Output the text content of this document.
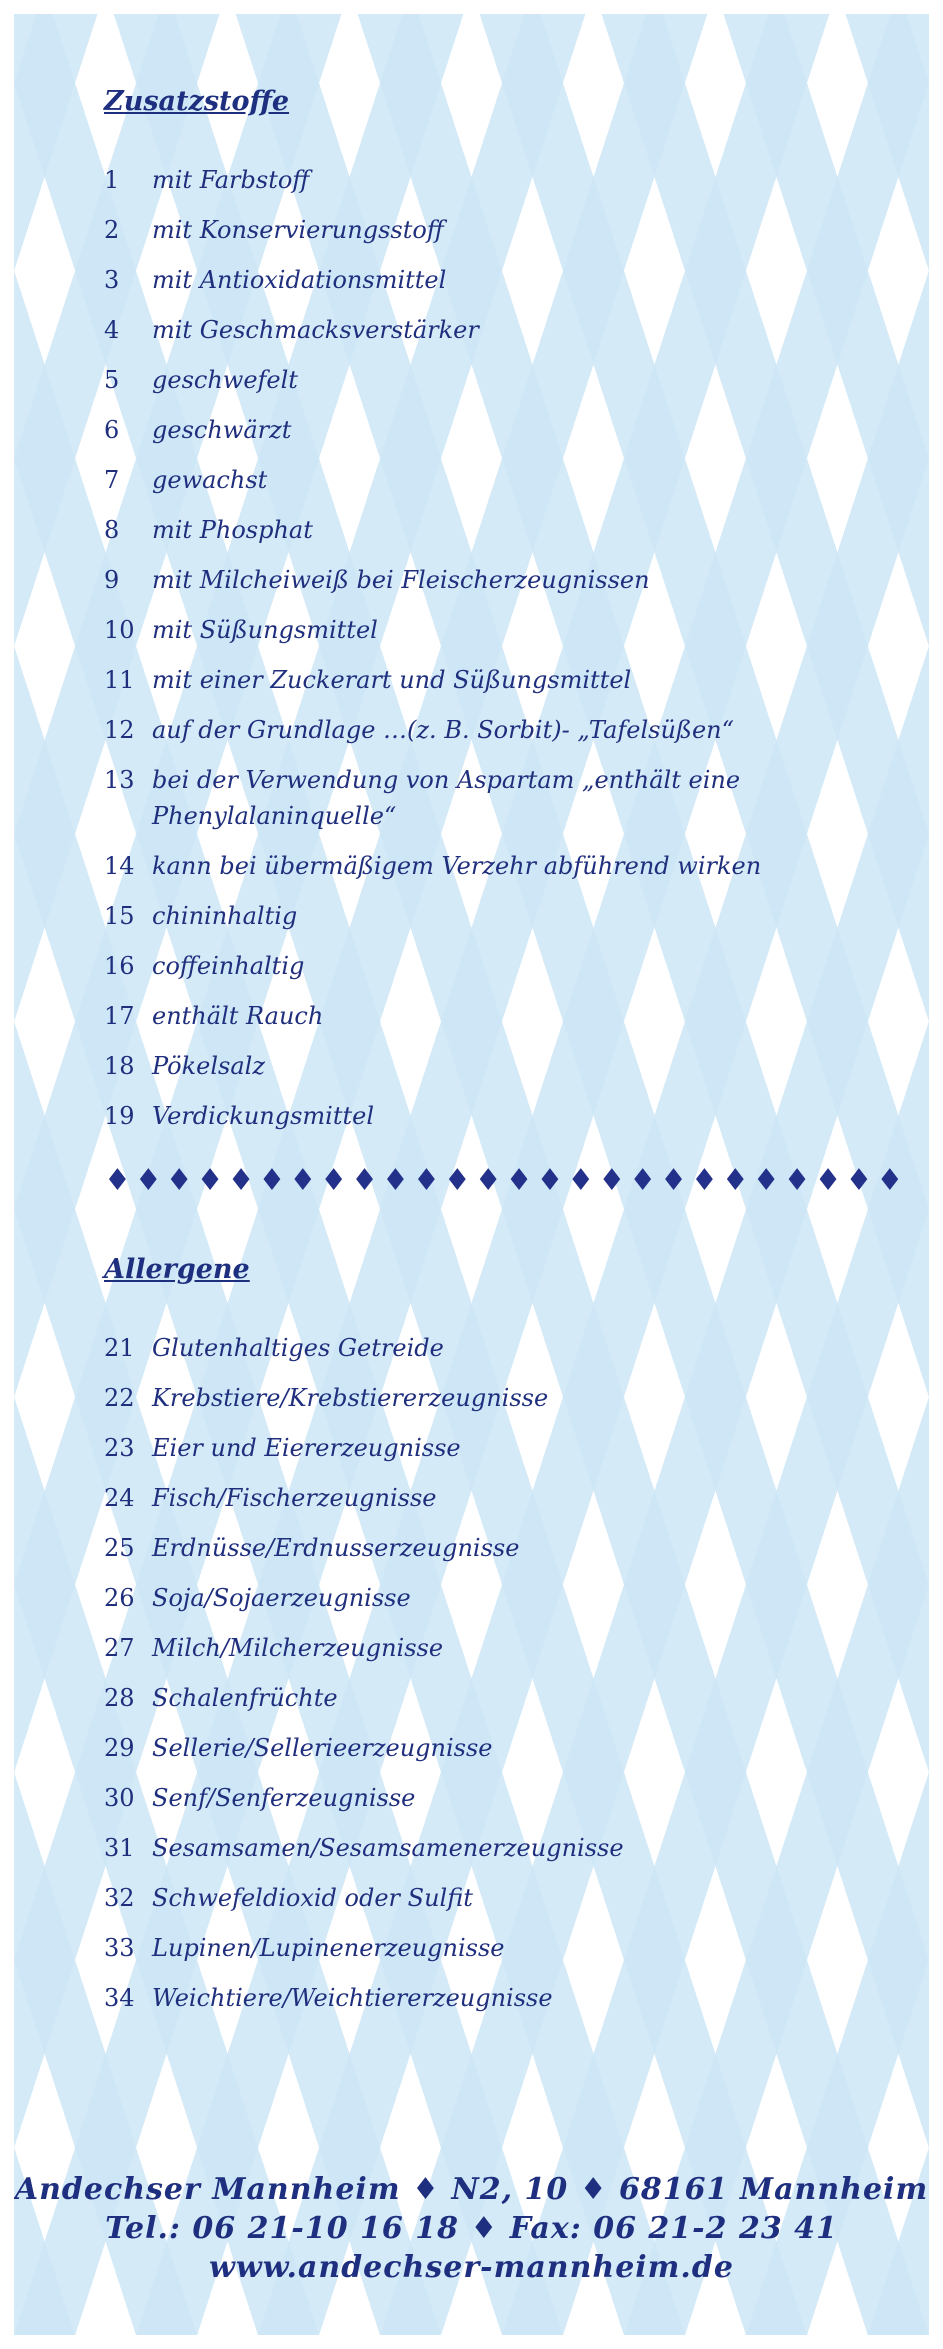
Zusatzstoffe
1	mit Farbstoff
2	mit Konservierungsstoff
3	mit Antioxidationsmittel
4	mit Geschmacksverstärker
5	geschwefelt
6	geschwärzt
7	gewachst
8	mit Phosphat
9	mit Milcheiweiß bei Fleischerzeugnissen
10 mit Süßungsmittel
11 mit einer Zuckerart und Süßungsmittel
12 auf der Grundlage …(z. B. Sorbit)- „Tafelsüßen“
13 bei der Verwendung von Aspartam „enthält eine Phenylalaninquelle“
14 kann bei übermäßigem Verzehr abführend wirken
15 chininhaltig
16 coffeinhaltig
17 enthält Rauch
18 Pökelsalz
19 Verdickungsmittel
♦♦♦♦♦♦♦♦♦♦♦♦♦♦♦♦♦♦♦♦♦♦♦♦♦♦
Allergene
21 Glutenhaltiges Getreide
22 Krebstiere/Krebstiererzeugnisse
23 Eier und Eiererzeugnisse
24 Fisch/Fischerzeugnisse
25 Erdnüsse/Erdnusserzeugnisse
26 Soja/Sojaerzeugnisse
27 Milch/Milcherzeugnisse
28 Schalenfrüchte
29 Sellerie/Sellerieerzeugnisse
30 Senf/Senferzeugnisse
31 Sesamsamen/Sesamsamenerzeugnisse
32 Schwefeldioxid oder Sulfit
33 Lupinen/Lupinenerzeugnisse
34 Weichtiere/Weichtiererzeugnisse
Andechser Mannheim ♦ N2, 10 ♦ 68161 Mannheim
Tel.: 06 21-10 16 18 ♦ Fax: 06 21-2 23 41
www.andechser-mannheim.de
